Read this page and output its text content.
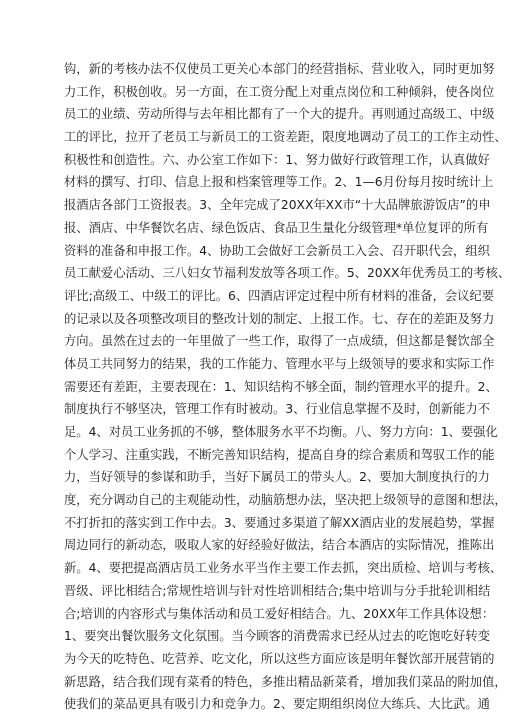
钩，新的考核办法不仅使员工更关心本部门的经营指标、营业收入，同时更加努
力工作，积极创收。另一方面，在工资分配上对重点岗位和工种倾斜，使各岗位
员工的业绩、劳动所得与去年相比都有了一个大的提升。再则通过高级工、中级
工的评比，拉开了老员工与新员工的工资差距，限度地调动了员工的工作主动性、
积极性和创造性。六、办公室工作如下：1、努力做好行政管理工作，认真做好
材料的撰写、打印、信息上报和档案管理等工作。2、1—6月份每月按时统计上
报酒店各部门工资报表。3、全年完成了20XX年XX市“十大品牌旅游饭店”的申
报、酒店、中华餐饮名店、绿色饭店、食品卫生量化分级管理*单位复评的所有
资料的准备和申报工作。4、协助工会做好工会新员工入会、召开职代会，组织
员工献爱心活动、三八妇女节福利发放等各项工作。5、20XX年优秀员工的考核、
评比;高级工、中级工的评比。6、四酒店评定过程中所有材料的准备，会议纪要
的记录以及各项整改项目的整改计划的制定、上报工作。七、存在的差距及努力
方向。虽然在过去的一年里做了一些工作，取得了一点成绩，但这都是餐饮部全
体员工共同努力的结果，我的工作能力、管理水平与上级领导的要求和实际工作
需要还有差距，主要表现在：1、知识结构不够全面，制约管理水平的提升。2、
制度执行不够坚决，管理工作有时被动。3、行业信息掌握不及时，创新能力不
足。4、对员工业务抓的不够，整体服务水平不均衡。八、努力方向：1、要强化
个人学习、注重实践，不断完善知识结构，提高自身的综合素质和驾驭工作的能
力，当好领导的参谋和助手，当好下属员工的带头人。2、要加大制度执行的力
度，充分调动自己的主观能动性，动脑筋想办法，坚决把上级领导的意图和想法，
不打折扣的落实到工作中去。3、要通过多渠道了解XX酒店业的发展趋势，掌握
周边同行的新动态，吸取人家的好经验好做法，结合本酒店的实际情况，推陈出
新。4、要把提高酒店员工业务水平当作主要工作去抓，突出质检、培训与考核、
晋级、评比相结合;常规性培训与针对性培训相结合;集中培训与分手批轮训相结
合;培训的内容形式与集体活动和员工爱好相结合。九、20XX年工作具体设想：
1、要突出餐饮服务文化氛围。当今顾客的消费需求已经从过去的吃饱吃好转变
为今天的吃特色、吃营养、吃文化，所以这些方面应该是明年餐饮部开展营销的
新思路，结合我们现有菜肴的特色，多推出精品新菜肴，增加我们菜品的附加值，
使我们的菜品更具有吸引力和竞争力。2、要定期组织岗位大练兵、大比武。通
